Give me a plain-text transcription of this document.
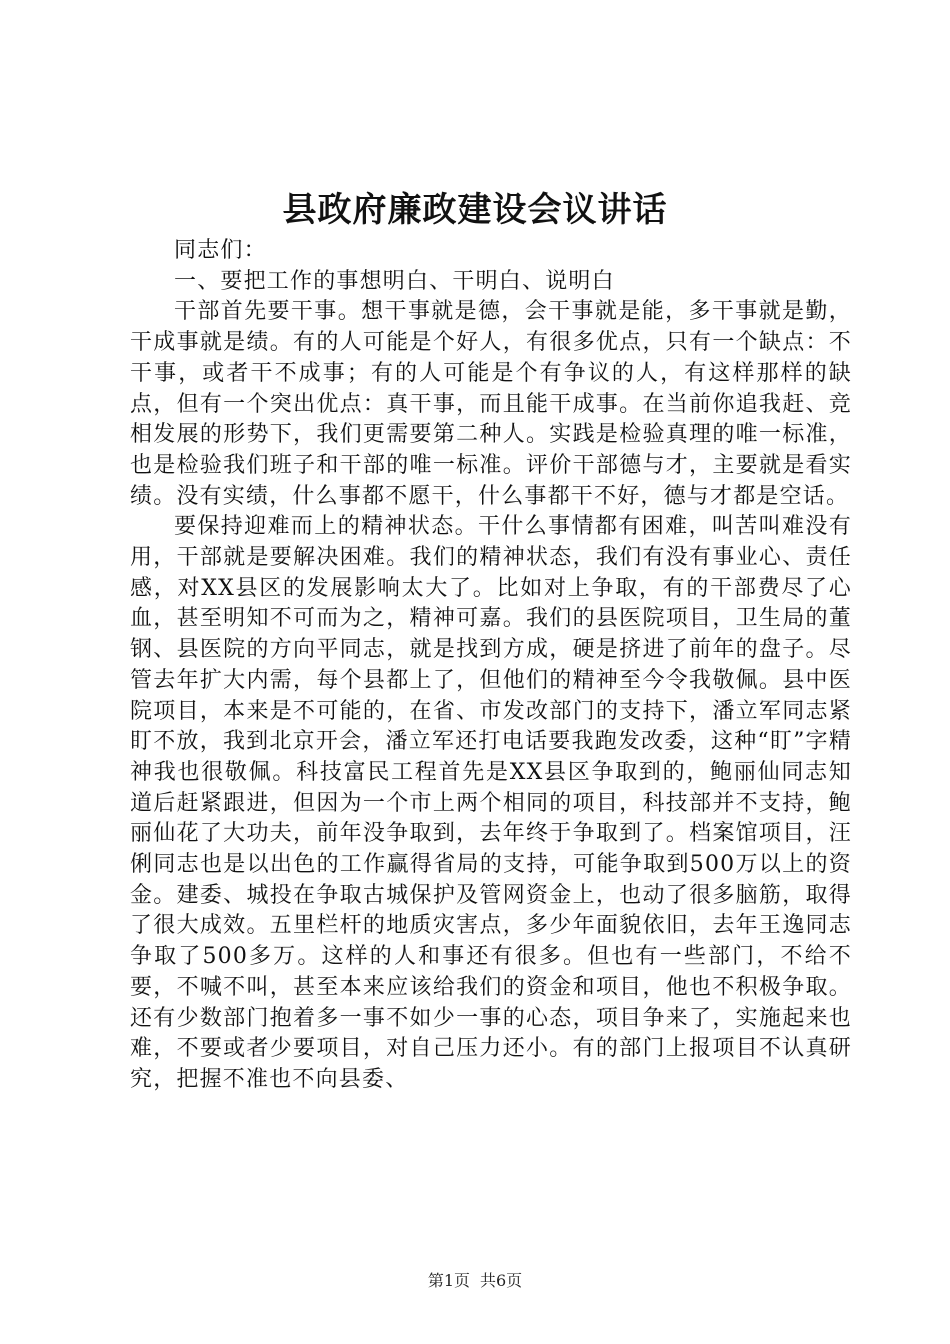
县政府廉政建设会议讲话

同志们：

一、要把工作的事想明白、干明白、说明白

干部首先要干事。想干事就是德，会干事就是能，多干事就是勤，干成事就是绩。有的人可能是个好人，有很多优点，只有一个缺点：不干事，或者干不成事；有的人可能是个有争议的人，有这样那样的缺点，但有一个突出优点：真干事，而且能干成事。在当前你追我赶、竞相发展的形势下，我们更需要第二种人。实践是检验真理的唯一标准，也是检验我们班子和干部的唯一标准。评价干部德与才，主要就是看实绩。没有实绩，什么事都不愿干，什么事都干不好，德与才都是空话。

要保持迎难而上的精神状态。干什么事情都有困难，叫苦叫难没有用，干部就是要解决困难。我们的精神状态，我们有没有事业心、责任感，对XX县区的发展影响太大了。比如对上争取，有的干部费尽了心血，甚至明知不可而为之，精神可嘉。我们的县医院项目，卫生局的董钢、县医院的方向平同志，就是找到方成，硬是挤进了前年的盘子。尽管去年扩大内需，每个县都上了，但他们的精神至今令我敬佩。县中医院项目，本来是不可能的，在省、市发改部门的支持下，潘立军同志紧盯不放，我到北京开会，潘立军还打电话要我跑发改委，这种“盯”字精神我也很敬佩。科技富民工程首先是XX县区争取到的，鲍丽仙同志知道后赶紧跟进，但因为一个市上两个相同的项目，科技部并不支持，鲍丽仙花了大功夫，前年没争取到，去年终于争取到了。档案馆项目，汪俐同志也是以出色的工作赢得省局的支持，可能争取到500万以上的资金。建委、城投在争取古城保护及管网资金上，也动了很多脑筋，取得了很大成效。五里栏杆的地质灾害点，多少年面貌依旧，去年王逸同志争取了500多万。这样的人和事还有很多。但也有一些部门，不给不要，不喊不叫，甚至本来应该给我们的资金和项目，他也不积极争取。还有少数部门抱着多一事不如少一事的心态，项目争来了，实施起来也难，不要或者少要项目，对自己压力还小。有的部门上报项目不认真研究，把握不准也不向县委、

第1页 共6页
